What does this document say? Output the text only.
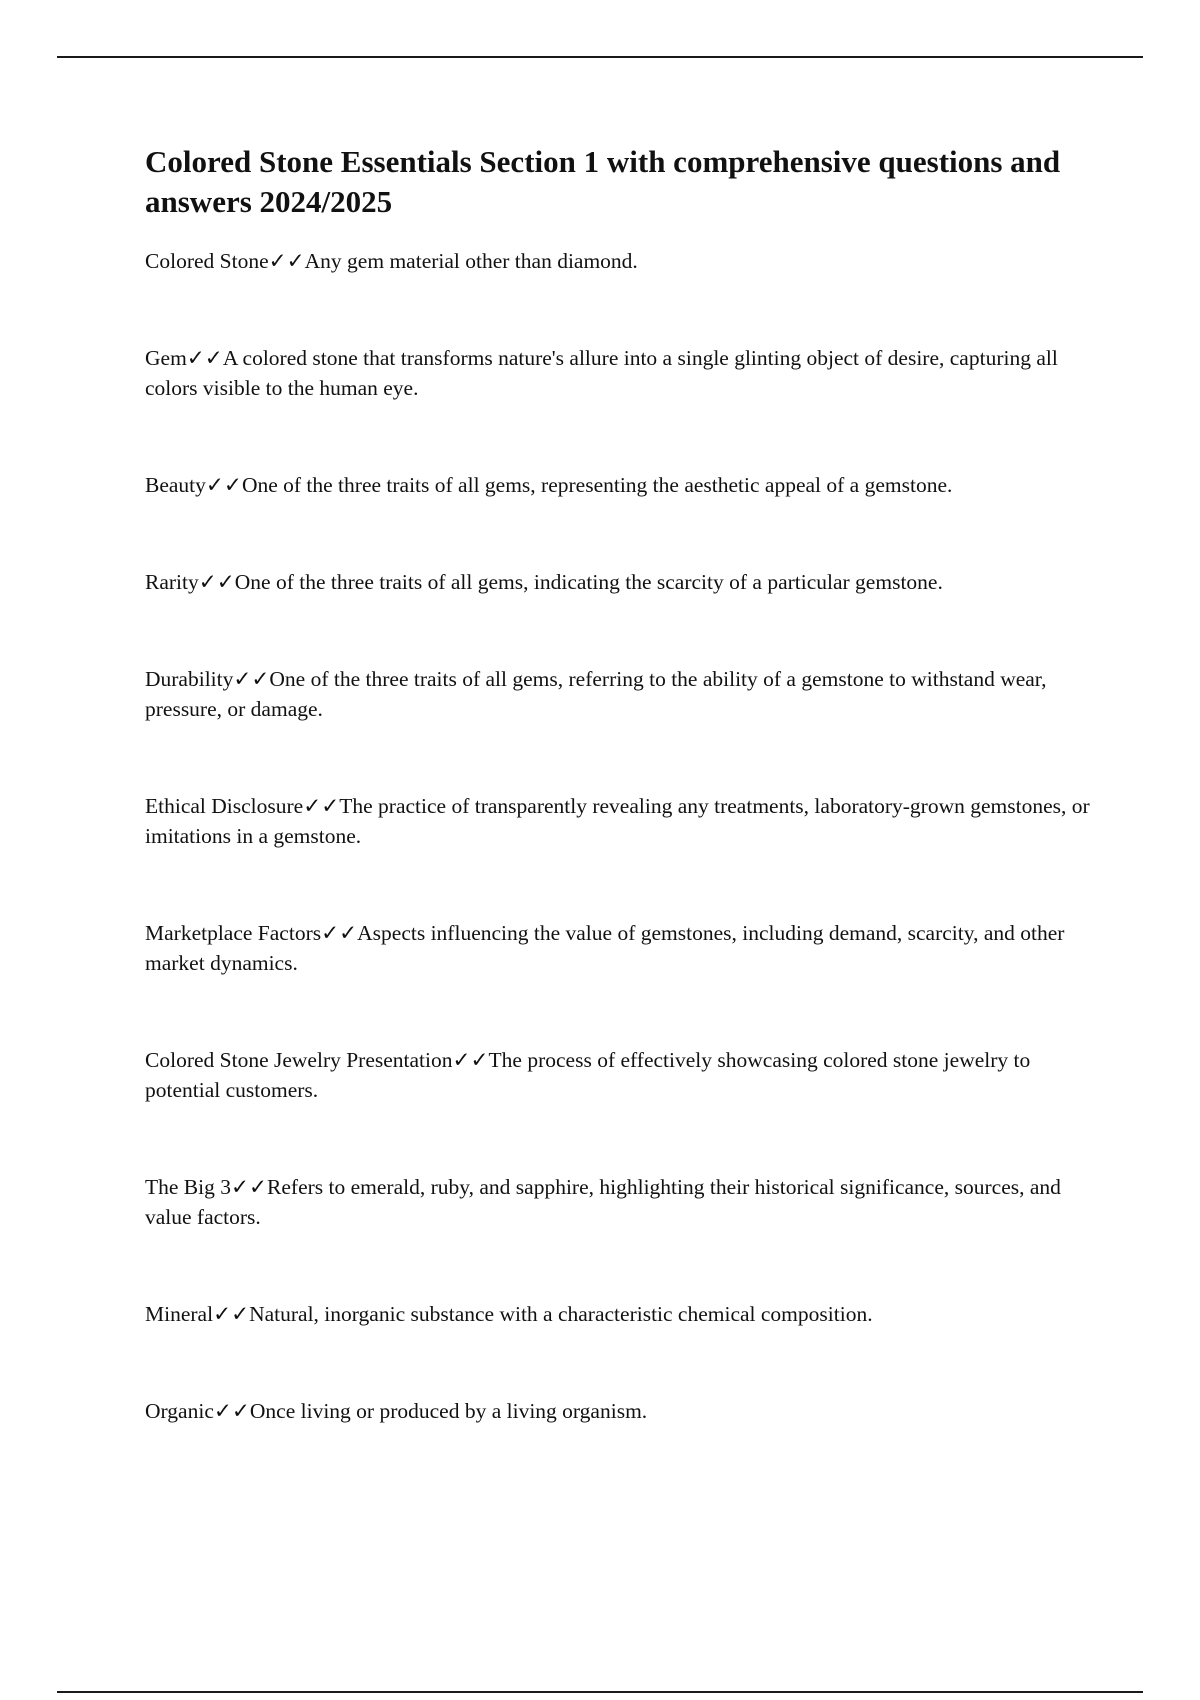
Colored Stone Essentials Section 1 with comprehensive questions and answers 2024/2025
Colored Stone✓✓Any gem material other than diamond.
Gem✓✓A colored stone that transforms nature's allure into a single glinting object of desire, capturing all colors visible to the human eye.
Beauty✓✓One of the three traits of all gems, representing the aesthetic appeal of a gemstone.
Rarity✓✓One of the three traits of all gems, indicating the scarcity of a particular gemstone.
Durability✓✓One of the three traits of all gems, referring to the ability of a gemstone to withstand wear, pressure, or damage.
Ethical Disclosure✓✓The practice of transparently revealing any treatments, laboratory-grown gemstones, or imitations in a gemstone.
Marketplace Factors✓✓Aspects influencing the value of gemstones, including demand, scarcity, and other market dynamics.
Colored Stone Jewelry Presentation✓✓The process of effectively showcasing colored stone jewelry to potential customers.
The Big 3✓✓Refers to emerald, ruby, and sapphire, highlighting their historical significance, sources, and value factors.
Mineral✓✓Natural, inorganic substance with a characteristic chemical composition.
Organic✓✓Once living or produced by a living organism.
